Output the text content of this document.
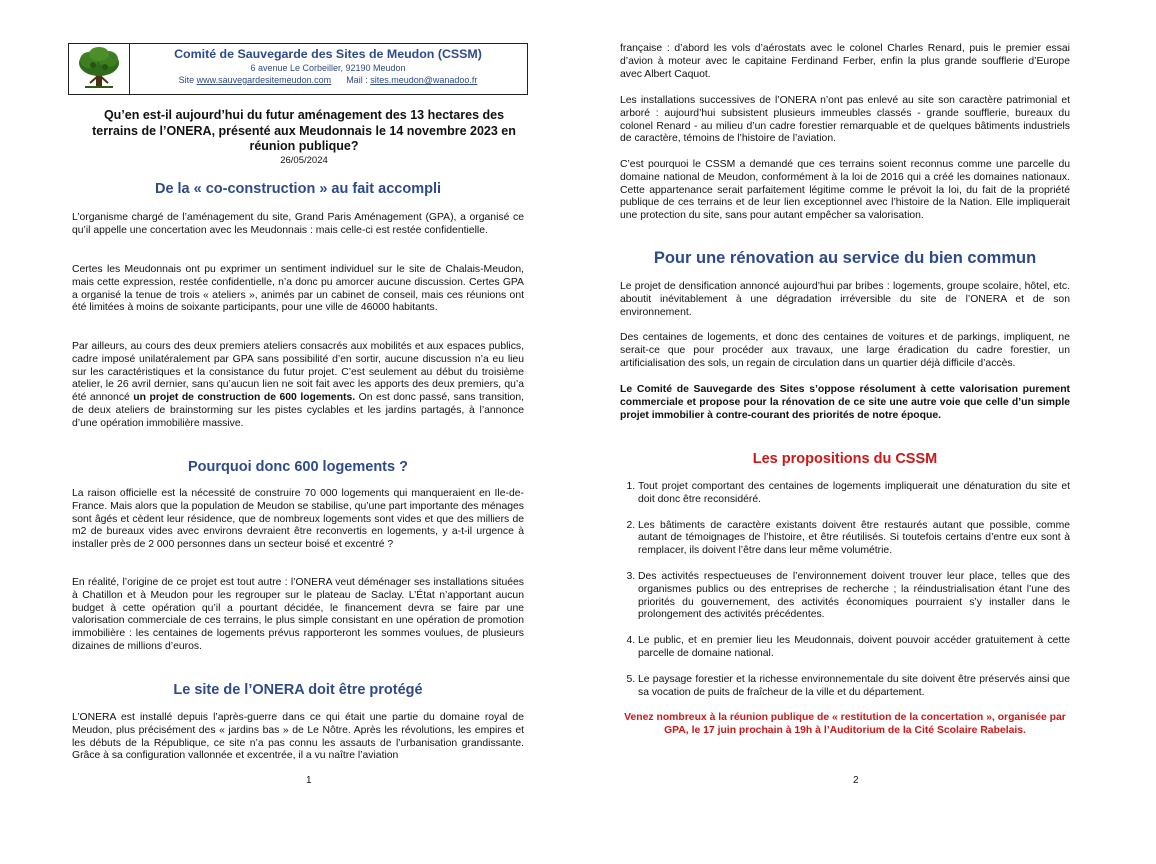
Comité de Sauvegarde des Sites de Meudon (CSSM)
6 avenue Le Corbeiller, 92190 Meudon
Site www.sauvegardesitemeudon.com Mail : sites.meudon@wanadoo.fr
Qu’en est-il aujourd’hui du futur aménagement des 13 hectares des terrains de l’ONERA, présenté aux Meudonnais le 14 novembre 2023 en réunion publique?
26/05/2024
De la « co-construction » au fait accompli

L’organisme chargé de l’aménagement du site, Grand Paris Aménagement (GPA), a organisé ce qu’il appelle une concertation avec les Meudonnais : mais celle-ci est restée confidentielle.

Certes les Meudonnais ont pu exprimer un sentiment individuel sur le site de Chalais-Meudon, mais cette expression, restée confidentielle, n’a donc pu amorcer aucune discussion. Certes GPA a organisé la tenue de trois « ateliers », animés par un cabinet de conseil, mais ces réunions ont été limitées à moins de soixante participants, pour une ville de 46000 habitants.

Par ailleurs, au cours des deux premiers ateliers consacrés aux mobilités et aux espaces publics, cadre imposé unilatéralement par GPA sans possibilité d’en sortir, aucune discussion n’a eu lieu sur les caractéristiques et la consistance du futur projet. C’est seulement au début du troisième atelier, le 26 avril dernier, sans qu’aucun lien ne soit fait avec les apports des deux premiers, qu’a été annoncé un projet de construction de 600 logements. On est donc passé, sans transition, de deux ateliers de brainstorming sur les pistes cyclables et les jardins partagés, à l’annonce d’une opération immobilière massive.

Pourquoi donc 600 logements ?

La raison officielle est la nécessité de construire 70 000 logements qui manqueraient en Ile-de-France. Mais alors que la population de Meudon se stabilise, qu’une part importante des ménages sont âgés et cèdent leur résidence, que de nombreux logements sont vides et que des milliers de m2 de bureaux vides avec environs devraient être reconvertis en logements, y a-t-il urgence à installer près de 2 000 personnes dans un secteur boisé et excentré ?

En réalité, l’origine de ce projet est tout autre : l’ONERA veut déménager ses installations situées à Chatillon et à Meudon pour les regrouper sur le plateau de Saclay. L’État n’apportant aucun budget à cette opération qu’il a pourtant décidée, le financement devra se faire par une valorisation commerciale de ces terrains, le plus simple consistant en une opération de promotion immobilière : les centaines de logements prévus rapporteront les sommes voulues, de plusieurs dizaines de millions d’euros.

Le site de l’ONERA doit être protégé

L’ONERA est installé depuis l’après-guerre dans ce qui était une partie du domaine royal de Meudon, plus précisément des « jardins bas » de Le Nôtre. Après les révolutions, les empires et les débuts de la République, ce site n’a pas connu les assauts de l’urbanisation grandissante. Grâce à sa configuration vallonnée et excentrée, il a vu naître l’aviation

1

française : d’abord les vols d’aérostats avec le colonel Charles Renard, puis le premier essai d’avion à moteur avec le capitaine Ferdinand Ferber, enfin la plus grande soufflerie d’Europe avec Albert Caquot.

Les installations successives de l’ONERA n’ont pas enlevé au site son caractère patrimonial et arboré : aujourd’hui subsistent plusieurs immeubles classés - grande soufflerie, bureaux du colonel Renard - au milieu d’un cadre forestier remarquable et de quelques bâtiments industriels de caractère, témoins de l’histoire de l’aviation.

C’est pourquoi le CSSM a demandé que ces terrains soient reconnus comme une parcelle du domaine national de Meudon, conformément à la loi de 2016 qui a créé les domaines nationaux. Cette appartenance serait parfaitement légitime comme le prévoit la loi, du fait de la propriété publique de ces terrains et de leur lien exceptionnel avec l’histoire de la Nation. Elle impliquerait une protection du site, sans pour autant empêcher sa valorisation.

Pour une rénovation au service du bien commun

Le projet de densification annoncé aujourd’hui par bribes : logements, groupe scolaire, hôtel, etc. aboutit inévitablement à une dégradation irréversible du site de l’ONERA et de son environnement.

Des centaines de logements, et donc des centaines de voitures et de parkings, impliquent, ne serait-ce que pour procéder aux travaux, une large éradication du cadre forestier, un artificialisation des sols, un regain de circulation dans un quartier déjà difficile d’accès.

Le Comité de Sauvegarde des Sites s’oppose résolument à cette valorisation purement commerciale et propose pour la rénovation de ce site une autre voie que celle d’un simple projet immobilier à contre-courant des priorités de notre époque.

Les propositions du CSSM
1. Tout projet comportant des centaines de logements impliquerait une dénaturation du site et doit donc être reconsidéré.
2. Les bâtiments de caractère existants doivent être restaurés autant que possible, comme autant de témoignages de l’histoire, et être réutilisés. Si toutefois certains d’entre eux sont à remplacer, ils doivent l’être dans leur même volumétrie.
3. Des activités respectueuses de l’environnement doivent trouver leur place, telles que des organismes publics ou des entreprises de recherche ; la réindustrialisation étant l’une des priorités du gouvernement, des activités économiques pourraient s’y installer dans le prolongement des activités précédentes.
4. Le public, et en premier lieu les Meudonnais, doivent pouvoir accéder gratuitement à cette parcelle de domaine national.
5. Le paysage forestier et la richesse environnementale du site doivent être préservés ainsi que sa vocation de puits de fraîcheur de la ville et du département.
Venez nombreux à la réunion publique de « restitution de la concertation », organisée par GPA, le 17 juin prochain à 19h à l’Auditorium de la Cité Scolaire Rabelais.
2
